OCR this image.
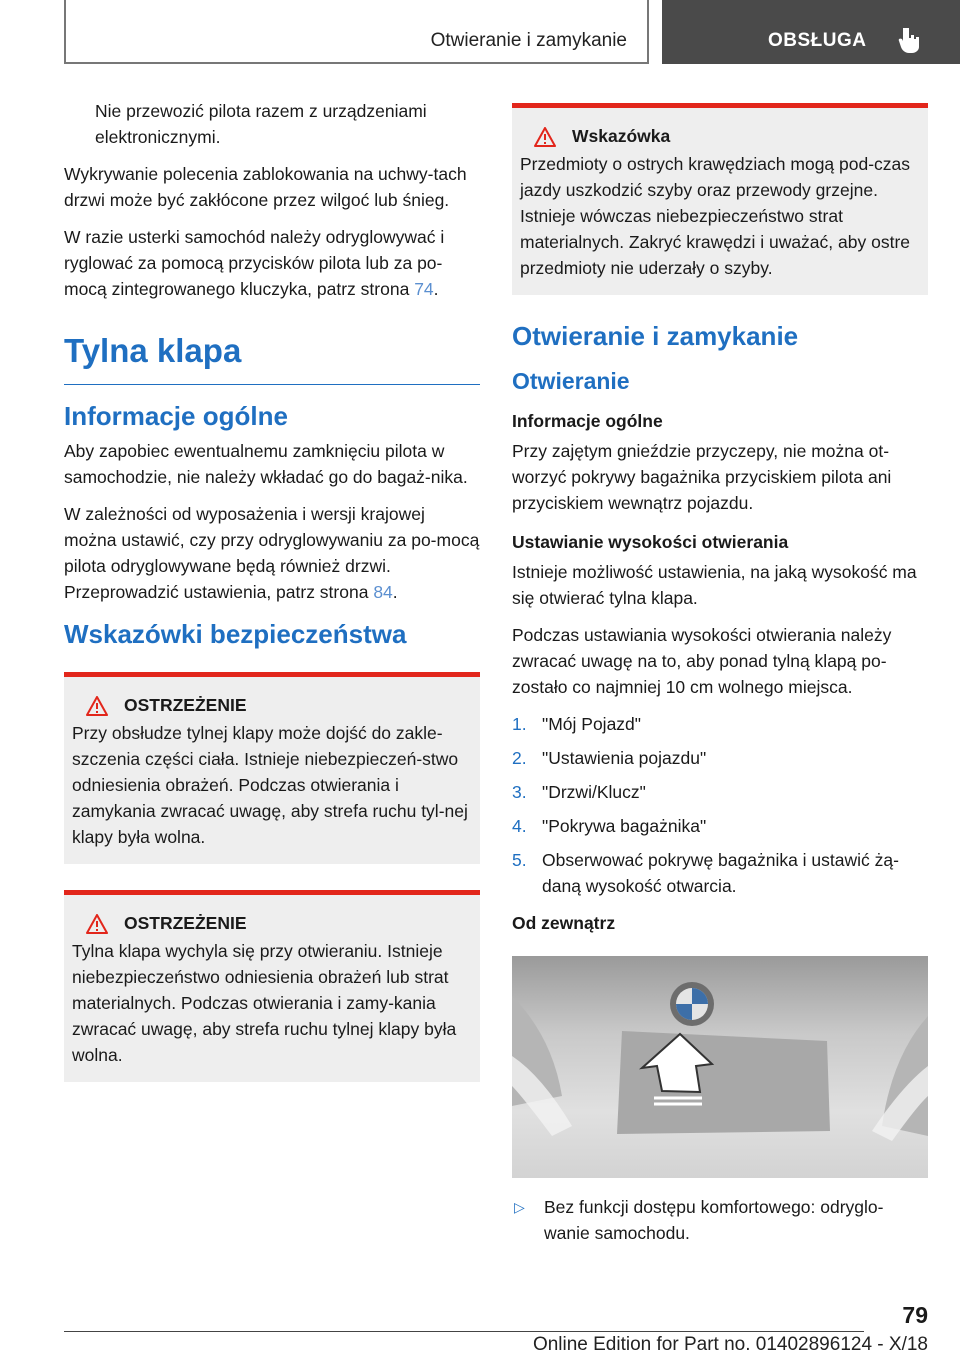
Otwieranie i zamykanie	OBSŁUGA

Nie przewozić pilota razem z urządzeniami elektronicznymi.

Wykrywanie polecenia zablokowania na uchwy-tach drzwi może być zakłócone przez wilgoć lub śnieg.

W razie usterki samochód należy odryglowywać i ryglować za pomocą przycisków pilota lub za po-mocą zintegrowanego kluczyka, patrz strona 74.

Tylna klapa
Informacje ogólne

Aby zapobiec ewentualnemu zamknięciu pilota w samochodzie, nie należy wkładać go do bagaż-nika.

W zależności od wyposażenia i wersji krajowej można ustawić, czy przy odryglowywaniu za po-mocą pilota odryglowywane będą również drzwi. Przeprowadzić ustawienia, patrz strona 84.

Wskazówki bezpieczeństwa
OSTRZEŻENIE

Przy obsłudze tylnej klapy może dojść do zakle-szczenia części ciała. Istnieje niebezpieczeń-stwo odniesienia obrażeń. Podczas otwierania i zamykania zwracać uwagę, aby strefa ruchu tyl-nej klapy była wolna.

OSTRZEŻENIE

Tylna klapa wychyla się przy otwieraniu. Istnieje niebezpieczeństwo odniesienia obrażeń lub strat materialnych. Podczas otwierania i zamy-kania zwracać uwagę, aby strefa ruchu tylnej klapy była wolna.

Wskazówka

Przedmioty o ostrych krawędziach mogą pod-czas jazdy uszkodzić szyby oraz przewody grzejne. Istnieje wówczas niebezpieczeństwo strat materialnych. Zakryć krawędzi i uważać, aby ostre przedmioty nie uderzały o szyby.

Otwieranie i zamykanie
Otwieranie
Informacje ogólne

Przy zajętym gnieździe przyczepy, nie można ot-worzyć pokrywy bagażnika przyciskiem pilota ani przyciskiem wewnątrz pojazdu.

Ustawianie wysokości otwierania

Istnieje możliwość ustawienia, na jaką wysokość ma się otwierać tylna klapa.

Podczas ustawiania wysokości otwierania należy zwracać uwagę na to, aby ponad tylną klapą po-zostało co najmniej 10 cm wolnego miejsca.

1. "Mój Pojazd"
2. "Ustawienia pojazdu"
3. "Drzwi/Klucz"
4. "Pokrywa bagażnika"
5. Obserwować pokrywę bagażnika i ustawić żą-daną wysokość otwarcia.
Od zewnątrz
▷	Bez funkcji dostępu komfortowego: odryglo-wanie samochodu.
79
Online Edition for Part no. 01402896124 - X/18
